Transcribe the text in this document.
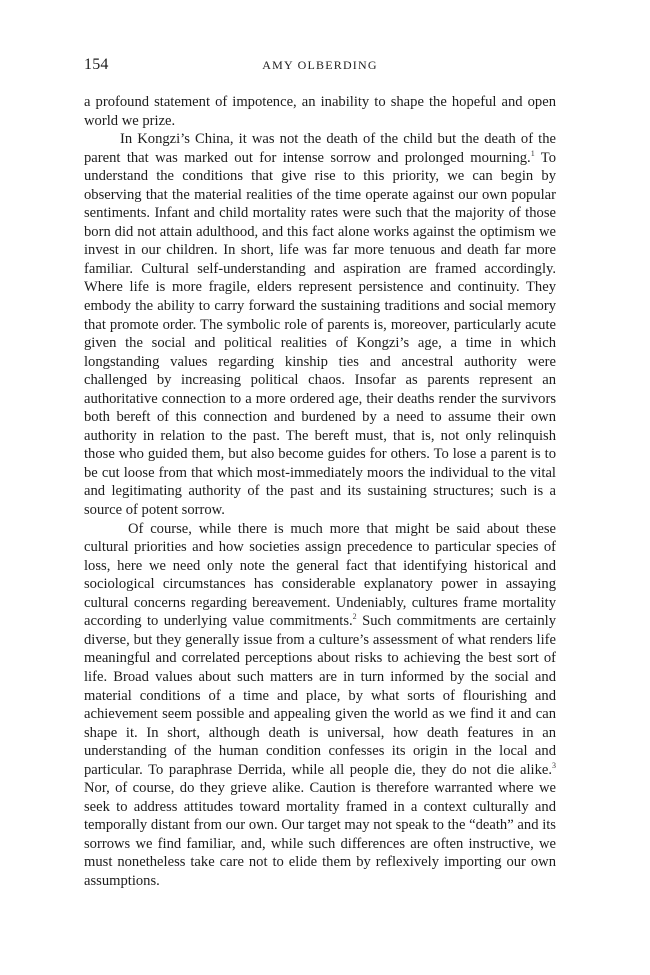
154	AMY OLBERDING

a profound statement of impotence, an inability to shape the hopeful and open world we prize.

In Kongzi’s China, it was not the death of the child but the death of the parent that was marked out for intense sorrow and prolonged mourning.$^1$ To understand the conditions that give rise to this priority, we can begin by observing that the material realities of the time operate against our own popular sentiments. Infant and child mortality rates were such that the majority of those born did not attain adulthood, and this fact alone works against the optimism we invest in our children. In short, life was far more tenuous and death far more familiar. Cultural self-understanding and aspiration are framed accordingly. Where life is more fragile, elders represent persistence and continuity. They embody the ability to carry forward the sustaining traditions and social memory that promote order. The symbolic role of parents is, moreover, particularly acute given the social and political realities of Kongzi’s age, a time in which longstanding values regarding kinship ties and ancestral authority were challenged by increasing political chaos. Insofar as parents represent an authoritative connection to a more ordered age, their deaths render the survivors both bereft of this connection and burdened by a need to assume their own authority in relation to the past. The bereft must, that is, not only relinquish those who guided them, but also become guides for others. To lose a parent is to be cut loose from that which most-immediately moors the individual to the vital and legitimating authority of the past and its sustaining structures; such is a source of potent sorrow.

Of course, while there is much more that might be said about these cultural priorities and how societies assign precedence to particular species of loss, here we need only note the general fact that identifying historical and sociological circumstances has considerable explanatory power in assaying cultural concerns regarding bereavement. Undeniably, cultures frame mortality according to underlying value commitments.$^2$ Such commitments are certainly diverse, but they generally issue from a culture’s assessment of what renders life meaningful and correlated perceptions about risks to achieving the best sort of life. Broad values about such matters are in turn informed by the social and material conditions of a time and place, by what sorts of flourishing and achievement seem possible and appealing given the world as we find it and can shape it. In short, although death is universal, how death features in an understanding of the human condition confesses its origin in the local and particular. To paraphrase Derrida, while all people die, they do not die alike.$^3$ Nor, of course, do they grieve alike. Caution is therefore warranted where we seek to address attitudes toward mortality framed in a context culturally and temporally distant from our own. Our target may not speak to the “death” and its sorrows we find familiar, and, while such differences are often instructive, we must nonetheless take care not to elide them by reflexively importing our own assumptions.
